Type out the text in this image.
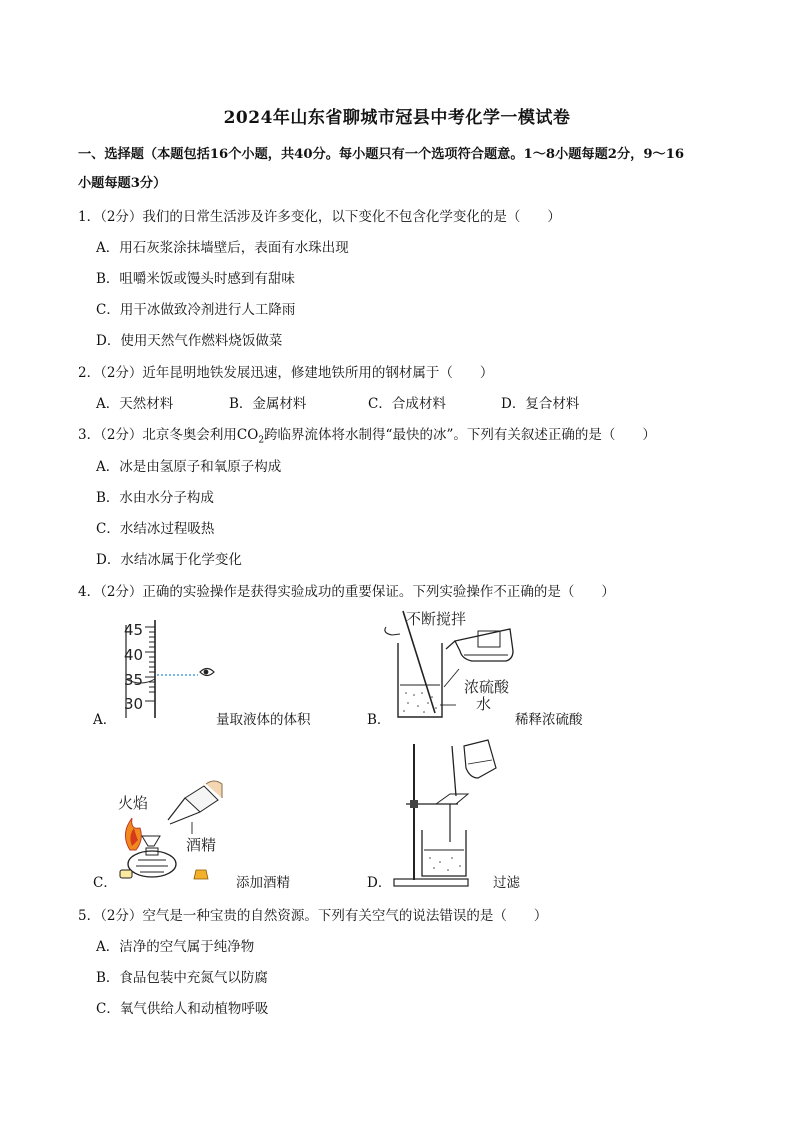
2024年山东省聊城市冠县中考化学一模试卷
一、选择题（本题包括16个小题，共40分。每小题只有一个选项符合题意。1～8小题每题2分，9～16
小题每题3分）
1．（2分）我们的日常生活涉及许多变化，以下变化不包含化学变化的是（　　）
A．用石灰浆涂抹墙壁后，表面有水珠出现
B．咀嚼米饭或馒头时感到有甜味
C．用干冰做致冷剂进行人工降雨
D．使用天然气作燃料烧饭做菜
2．（2分）近年昆明地铁发展迅速，修建地铁所用的钢材属于（　　）
A．天然材料	B．金属材料	C．合成材料	D．复合材料
3．（2分）北京冬奥会利用$CO_2$跨临界流体将水制得“最快的冰”。下列有关叙述正确的是（　　）
A．冰是由氢原子和氧原子构成
B．水由水分子构成
C．水结冰过程吸热
D．水结冰属于化学变化
4．（2分）正确的实验操作是获得实验成功的重要保证。下列实验操作不正确的是（　　）
45
40
35
30
A．	量取液体的体积
不断搅拌
浓硫酸
水
B．	稀释浓硫酸
火焰
酒精
C．	添加酒精	D．	过滤
5．（2分）空气是一种宝贵的自然资源。下列有关空气的说法错误的是（　　）
A．洁净的空气属于纯净物
B．食品包装中充氮气以防腐
C．氧气供给人和动植物呼吸
